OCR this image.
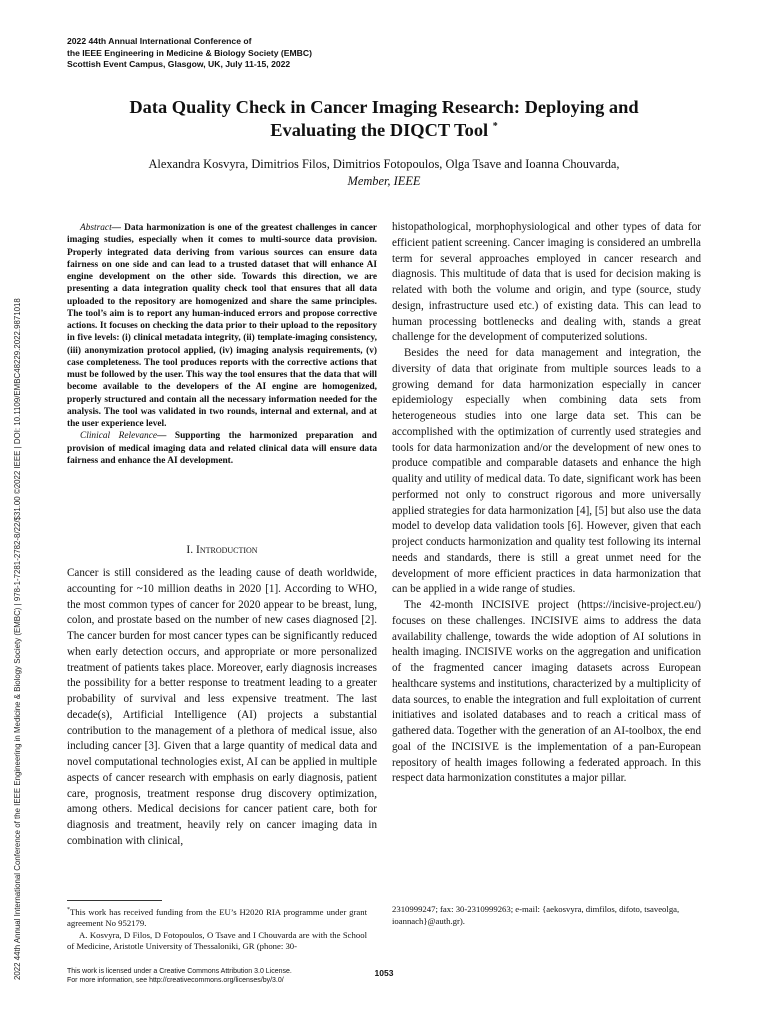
2022 44th Annual International Conference of
the IEEE Engineering in Medicine & Biology Society (EMBC)
Scottish Event Campus, Glasgow, UK, July 11-15, 2022
2022 44th Annual International Conference of the IEEE Engineering in Medicine & Biology Society (EMBC) | 978-1-7281-2782-8/22/$31.00 ©2022 IEEE | DOI: 10.1109/EMBC48229.2022.9871018
Data Quality Check in Cancer Imaging Research: Deploying and
Evaluating the DIQCT Tool *
Alexandra Kosvyra, Dimitrios Filos, Dimitrios Fotopoulos, Olga Tsave and Ioanna Chouvarda,
Member, IEEE

Abstract— Data harmonization is one of the greatest challenges in cancer imaging studies, especially when it comes to multi-source data provision. Properly integrated data deriving from various sources can ensure data fairness on one side and can lead to a trusted dataset that will enhance AI engine development on the other side. Towards this direction, we are presenting a data integration quality check tool that ensures that all data uploaded to the repository are homogenized and share the same principles. The tool’s aim is to report any human-induced errors and propose corrective actions. It focuses on checking the data prior to their upload to the repository in five levels: (i) clinical metadata integrity, (ii) template-imaging consistency, (iii) anonymization protocol applied, (iv) imaging analysis requirements, (v) case completeness. The tool produces reports with the corrective actions that must be followed by the user. This way the tool ensures that the data that will become available to the developers of the AI engine are homogenized, properly structured and contain all the necessary information needed for the analysis. The tool was validated in two rounds, internal and external, and at the user experience level.

Clinical Relevance— Supporting the harmonized preparation and provision of medical imaging data and related clinical data will ensure data fairness and enhance the AI development.

I. Introduction

Cancer is still considered as the leading cause of death worldwide, accounting for ~10 million deaths in 2020 [1]. According to WHO, the most common types of cancer for 2020 appear to be breast, lung, colon, and prostate based on the number of new cases diagnosed [2]. The cancer burden for most cancer types can be significantly reduced when early detection occurs, and appropriate or more personalized treatment of patients takes place. Moreover, early diagnosis increases the possibility for a better response to treatment leading to a greater probability of survival and less expensive treatment. The last decade(s), Artificial Intelligence (AI) projects a substantial contribution to the management of a plethora of medical issue, also including cancer [3]. Given that a large quantity of medical data and novel computational technologies exist, AI can be applied in multiple aspects of cancer research with emphasis on early diagnosis, patient care, prognosis, treatment response drug discovery optimization, among others. Medical decisions for cancer patient care, both for diagnosis and treatment, heavily rely on cancer imaging data in combination with clinical,

histopathological, morphophysiological and other types of data for efficient patient screening. Cancer imaging is considered an umbrella term for several approaches employed in cancer research and diagnosis. This multitude of data that is used for decision making is related with both the volume and origin, and type (source, study design, infrastructure used etc.) of existing data. This can lead to human processing bottlenecks and dealing with, stands a great challenge for the development of computerized solutions.

Besides the need for data management and integration, the diversity of data that originate from multiple sources leads to a growing demand for data harmonization especially in cancer epidemiology especially when combining data sets from heterogeneous studies into one large data set. This can be accomplished with the optimization of currently used strategies and tools for data harmonization and/or the development of new ones to produce compatible and comparable datasets and enhance the high quality and utility of medical data. To date, significant work has been performed not only to construct rigorous and more universally applied strategies for data harmonization [4], [5] but also use the data model to develop data validation tools [6]. However, given that each project conducts harmonization and quality test following its internal needs and standards, there is still a great unmet need for the development of more efficient practices in data harmonization that can be applied in a wide range of studies.

The 42-month INCISIVE project (https://incisive-project.eu/) focuses on these challenges. INCISIVE aims to address the data availability challenge, towards the wide adoption of AI solutions in health imaging. INCISIVE works on the aggregation and unification of the fragmented cancer imaging datasets across European healthcare systems and institutions, characterized by a multiplicity of data sources, to enable the integration and full exploitation of current initiatives and isolated databases and to reach a critical mass of gathered data. Together with the generation of an AI-toolbox, the end goal of the INCISIVE is the implementation of a pan-European repository of health images following a federated approach. In this respect data harmonization constitutes a major pillar.

*This work has received funding from the EU’s H2020 RIA programme under grant agreement No 952179.
A. Kosvyra, D Filos, D Fotopoulos, O Tsave and I Chouvarda are with the School of Medicine, Aristotle University of Thessaloniki, GR (phone: 30-
2310999247; fax: 30-2310999263; e-mail: {aekosvyra, dimfilos, difoto, tsaveolga, ioannach}@auth.gr).
This work is licensed under a Creative Commons Attribution 3.0 License.
For more information, see http://creativecommons.org/licenses/by/3.0/
1053
